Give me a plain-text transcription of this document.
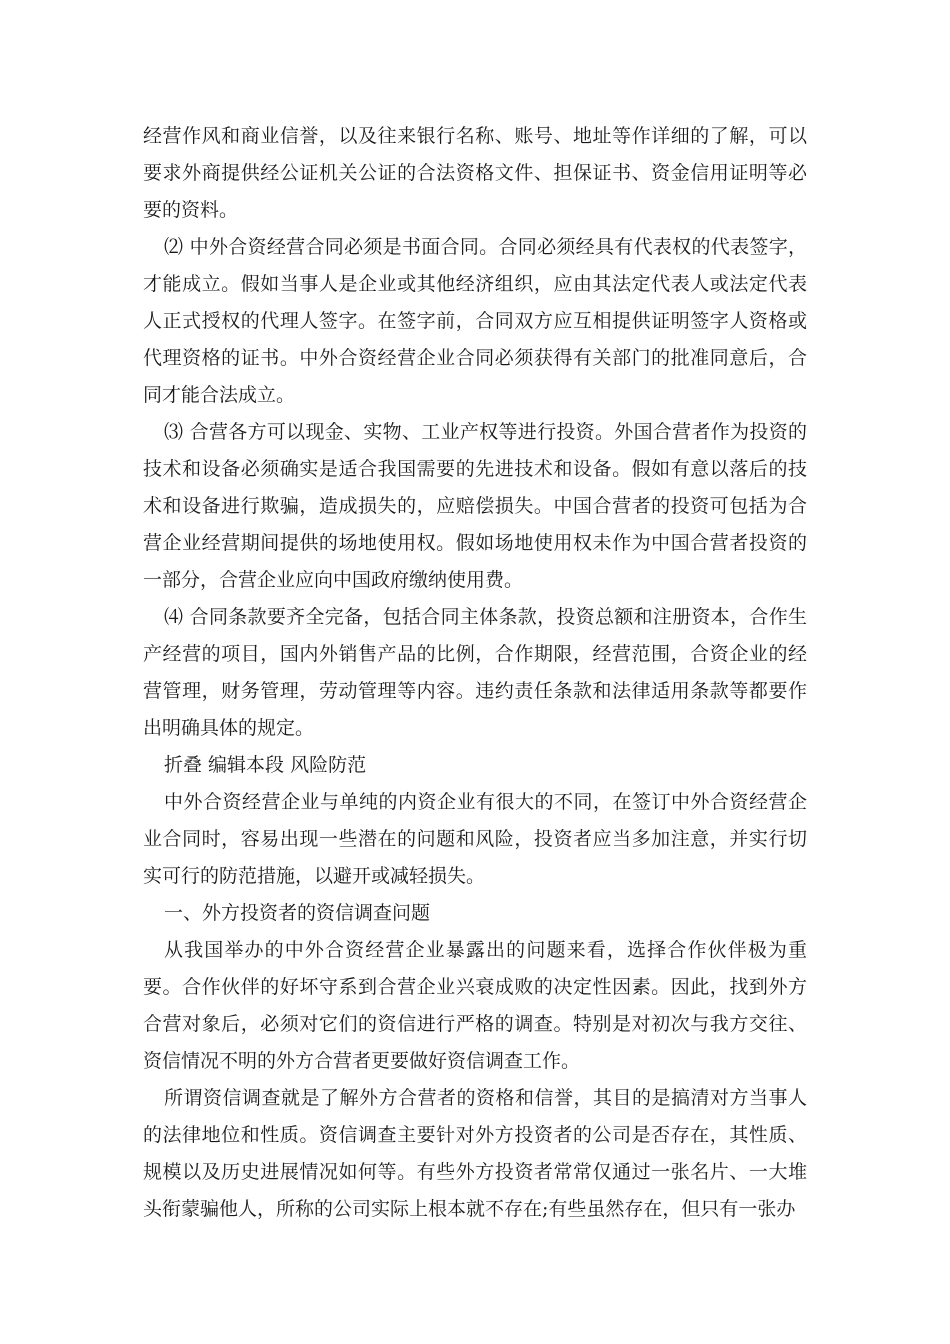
经营作风和商业信誉，以及往来银行名称、账号、地址等作详细的了解，可以要求外商提供经公证机关公证的合法资格文件、担保证书、资金信用证明等必要的资料。

⑵ 中外合资经营合同必须是书面合同。合同必须经具有代表权的代表签字，才能成立。假如当事人是企业或其他经济组织，应由其法定代表人或法定代表人正式授权的代理人签字。在签字前，合同双方应互相提供证明签字人资格或代理资格的证书。中外合资经营企业合同必须获得有关部门的批准同意后，合同才能合法成立。

⑶ 合营各方可以现金、实物、工业产权等进行投资。外国合营者作为投资的技术和设备必须确实是适合我国需要的先进技术和设备。假如有意以落后的技术和设备进行欺骗，造成损失的，应赔偿损失。中国合营者的投资可包括为合营企业经营期间提供的场地使用权。假如场地使用权未作为中国合营者投资的一部分，合营企业应向中国政府缴纳使用费。

⑷ 合同条款要齐全完备，包括合同主体条款，投资总额和注册资本，合作生产经营的项目，国内外销售产品的比例，合作期限，经营范围，合资企业的经营管理，财务管理，劳动管理等内容。违约责任条款和法律适用条款等都要作出明确具体的规定。

折叠 编辑本段 风险防范

中外合资经营企业与单纯的内资企业有很大的不同，在签订中外合资经营企业合同时，容易出现一些潜在的问题和风险，投资者应当多加注意，并实行切实可行的防范措施，以避开或减轻损失。

一、外方投资者的资信调查问题

从我国举办的中外合资经营企业暴露出的问题来看，选择合作伙伴极为重要。合作伙伴的好坏守系到合营企业兴衰成败的决定性因素。因此，找到外方合营对象后，必须对它们的资信进行严格的调查。特别是对初次与我方交往、资信情况不明的外方合营者更要做好资信调查工作。

所谓资信调查就是了解外方合营者的资格和信誉，其目的是搞清对方当事人的法律地位和性质。资信调查主要针对外方投资者的公司是否存在，其性质、规模以及历史进展情况如何等。有些外方投资者常常仅通过一张名片、一大堆头衔蒙骗他人，所称的公司实际上根本就不存在;有些虽然存在，但只有一张办
